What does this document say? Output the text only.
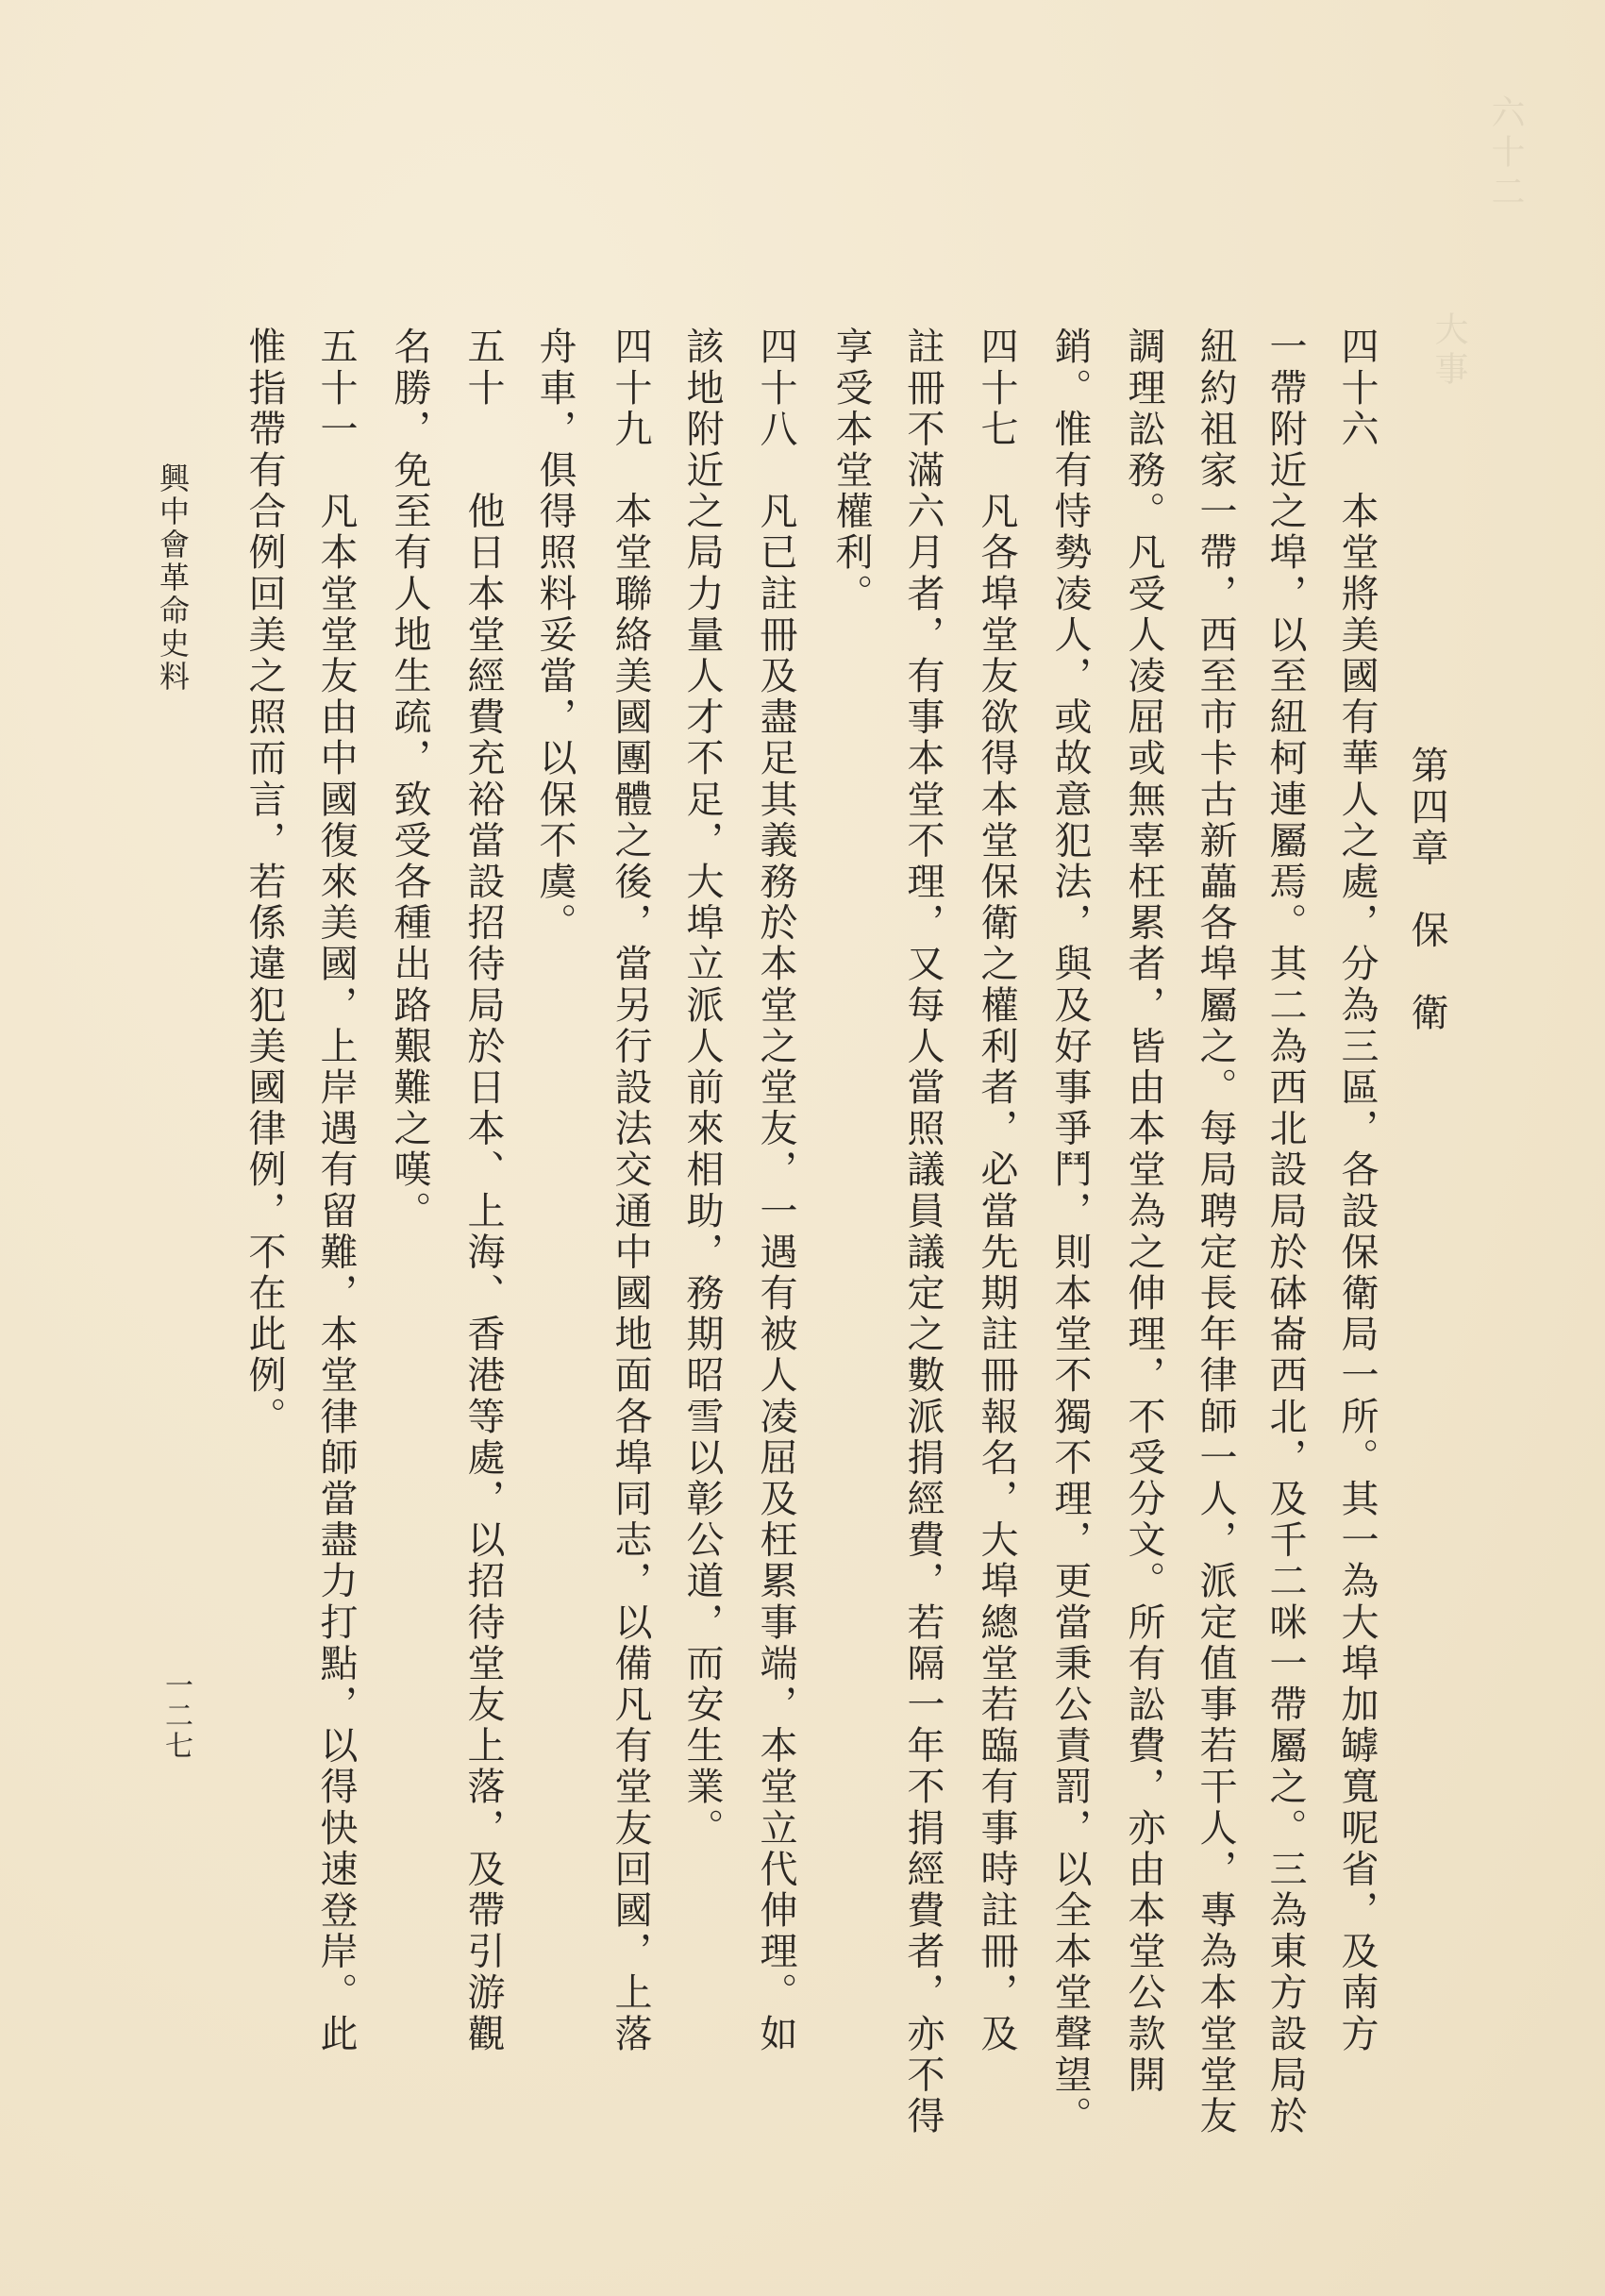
六十二
大事
第四章　保　衛
四十六　本堂將美國有華人之處，分為三區，各設保衛局一所。其一為大埠加罅寬呢省，及南方
一帶附近之埠，以至紐柯連屬焉。其二為西北設局於砵崙西北，及千二咪一帶屬之。三為東方設局於
紐約祖家一帶，西至市卡古新藟各埠屬之。每局聘定長年律師一人，派定值事若干人，專為本堂堂友
調理訟務。凡受人凌屈或無辜枉累者，皆由本堂為之伸理，不受分文。所有訟費，亦由本堂公款開
銷。惟有恃勢凌人，或故意犯法，與及好事爭鬥，則本堂不獨不理，更當秉公責罰，以全本堂聲望。
四十七　凡各埠堂友欲得本堂保衛之權利者，必當先期註冊報名，大埠總堂若臨有事時註冊，及
註冊不滿六月者，有事本堂不理，又每人當照議員議定之數派捐經費，若隔一年不捐經費者，亦不得
享受本堂權利。
四十八　凡已註冊及盡足其義務於本堂之堂友，一遇有被人凌屈及枉累事端，本堂立代伸理。如
該地附近之局力量人才不足，大埠立派人前來相助，務期昭雪以彰公道，而安生業。
四十九　本堂聯絡美國團體之後，當另行設法交通中國地面各埠同志，以備凡有堂友回國，上落
舟車，俱得照料妥當，以保不虞。
五十　　他日本堂經費充裕當設招待局於日本、上海、香港等處，以招待堂友上落，及帶引游觀
名勝，免至有人地生疏，致受各種出路艱難之嘆。
五十一　凡本堂堂友由中國復來美國，上岸遇有留難，本堂律師當盡力打點，以得快速登岸。此
惟指帶有合例回美之照而言，若係違犯美國律例，不在此例。
興中會革命史料
一二七
